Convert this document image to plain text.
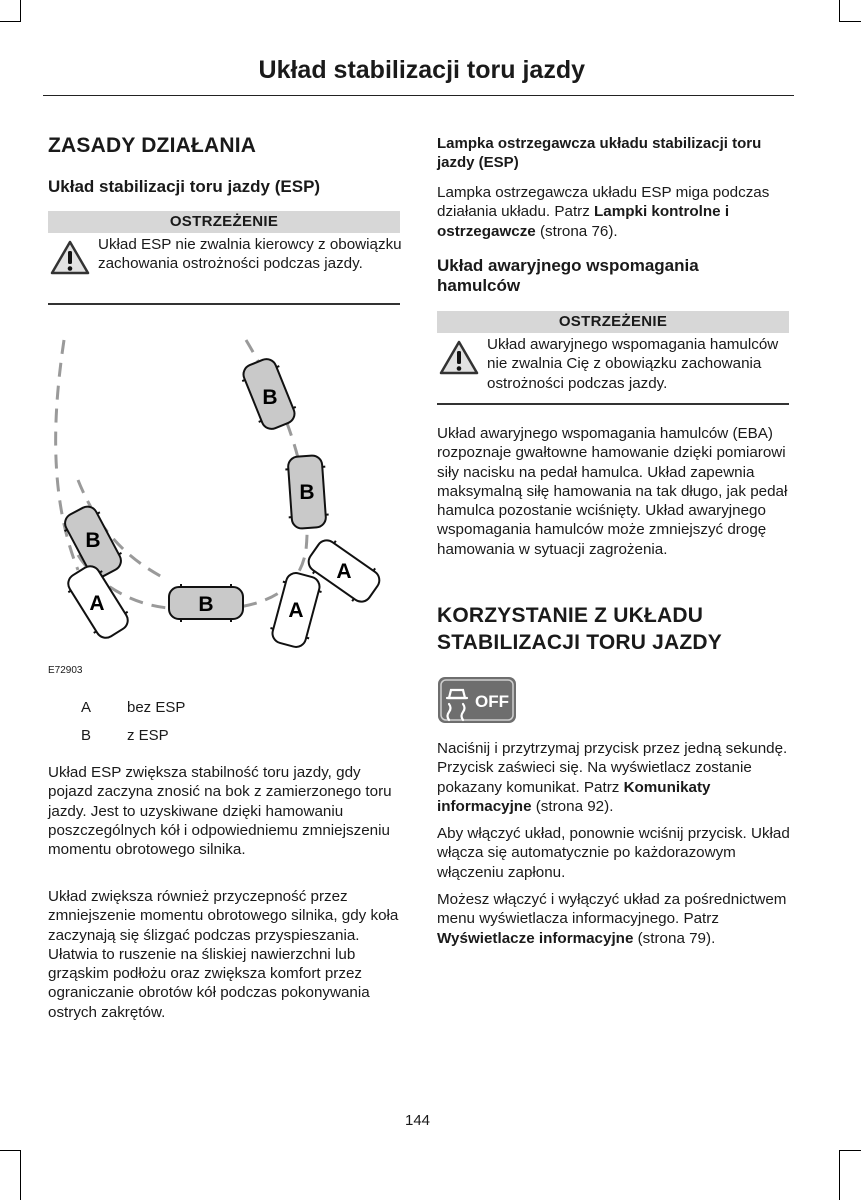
Układ stabilizacji toru jazdy
ZASADY DZIAŁANIA
Układ stabilizacji toru jazdy (ESP)
OSTRZEŻENIE
Układ ESP nie zwalnia kierowcy z obowiązku zachowania ostrożności podczas jazdy.
B
B
B
B
A
A
A
E72903
A bez ESP
B z ESP
Układ ESP zwiększa stabilność toru jazdy, gdy pojazd zaczyna znosić na bok z zamierzonego toru jazdy. Jest to uzyskiwane dzięki hamowaniu poszczególnych kół i odpowiedniemu zmniejszeniu momentu obrotowego silnika.
Układ zwiększa również przyczepność przez zmniejszenie momentu obrotowego silnika, gdy koła zaczynają się ślizgać podczas przyspieszania. Ułatwia to ruszenie na śliskiej nawierzchni lub grząskim podłożu oraz zwiększa komfort przez ograniczanie obrotów kół podczas pokonywania ostrych zakrętów.
Lampka ostrzegawcza układu stabilizacji toru jazdy (ESP)
Lampka ostrzegawcza układu ESP miga podczas działania układu. Patrz Lampki kontrolne i ostrzegawcze (strona 76).
Układ awaryjnego wspomagania hamulców
OSTRZEŻENIE
Układ awaryjnego wspomagania hamulców nie zwalnia Cię z obowiązku zachowania ostrożności podczas jazdy.
Układ awaryjnego wspomagania hamulców (EBA) rozpoznaje gwałtowne hamowanie dzięki pomiarowi siły nacisku na pedał hamulca. Układ zapewnia maksymalną siłę hamowania na tak długo, jak pedał hamulca pozostanie wciśnięty. Układ awaryjnego wspomagania hamulców może zmniejszyć drogę hamowania w sytuacji zagrożenia.
KORZYSTANIE Z UKŁADU STABILIZACJI TORU JAZDY
OFF
Naciśnij i przytrzymaj przycisk przez jedną sekundę. Przycisk zaświeci się. Na wyświetlacz zostanie pokazany komunikat. Patrz Komunikaty informacyjne (strona 92).
Aby włączyć układ, ponownie wciśnij przycisk. Układ włącza się automatycznie po każdorazowym włączeniu zapłonu.
Możesz włączyć i wyłączyć układ za pośrednictwem menu wyświetlacza informacyjnego. Patrz Wyświetlacze informacyjne (strona 79).
144
